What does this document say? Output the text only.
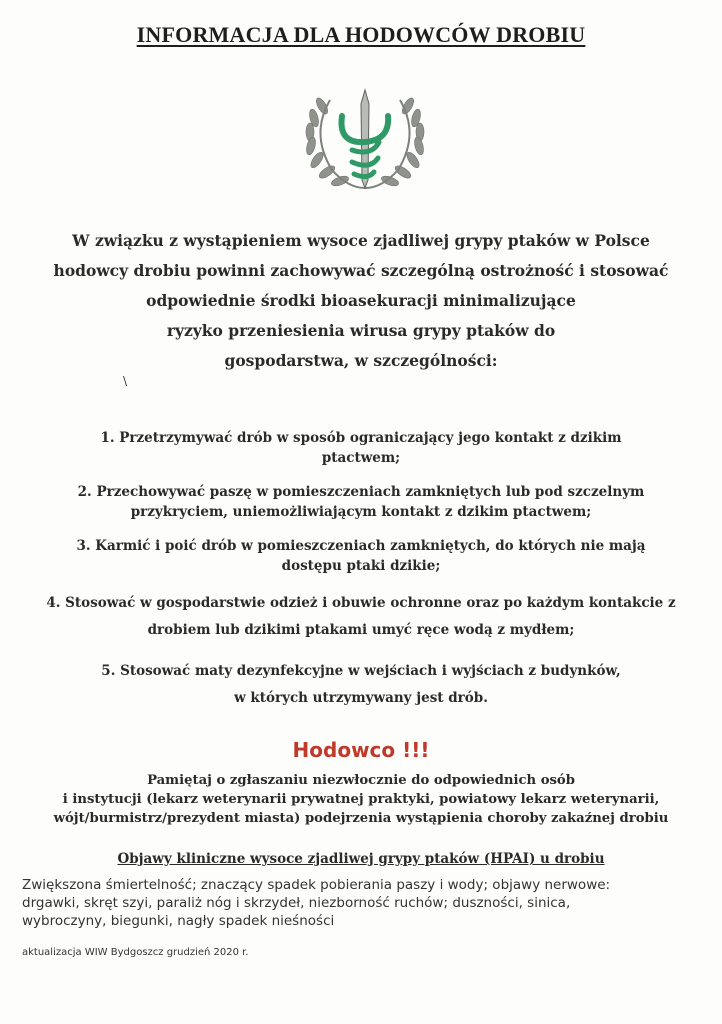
INFORMACJA DLA HODOWCÓW DROBIU
W związku z wystąpieniem wysoce zjadliwej grypy ptaków w Polsce
hodowcy drobiu powinni zachowywać szczególną ostrożność i stosować
odpowiednie środki bioasekuracji minimalizujące
ryzyko przeniesienia wirusa grypy ptaków do
gospodarstwa, w szczególności:
\
1. Przetrzymywać drób w sposób ograniczający jego kontakt z dzikim
ptactwem;
2. Przechowywać paszę w pomieszczeniach zamkniętych lub pod szczelnym
przykryciem, uniemożliwiającym kontakt z dzikim ptactwem;
3. Karmić i poić drób w pomieszczeniach zamkniętych, do których nie mają
dostępu ptaki dzikie;
4. Stosować w gospodarstwie odzież i obuwie ochronne oraz po każdym kontakcie z
drobiem lub dzikimi ptakami umyć ręce wodą z mydłem;
5. Stosować maty dezynfekcyjne w wejściach i wyjściach z budynków,
w których utrzymywany jest drób.
Hodowco !!!
Pamiętaj o zgłaszaniu niezwłocznie do odpowiednich osób
i instytucji (lekarz weterynarii prywatnej praktyki, powiatowy lekarz weterynarii,
wójt/burmistrz/prezydent miasta) podejrzenia wystąpienia choroby zakaźnej drobiu
Objawy kliniczne wysoce zjadliwej grypy ptaków (HPAI) u drobiu
Zwiększona śmiertelność; znaczący spadek pobierania paszy i wody; objawy nerwowe:
drgawki, skręt szyi, paraliż nóg i skrzydeł, niezborność ruchów; duszności, sinica,
wybroczyny, biegunki, nagły spadek nieśności
aktualizacja WIW Bydgoszcz grudzień 2020 r.
